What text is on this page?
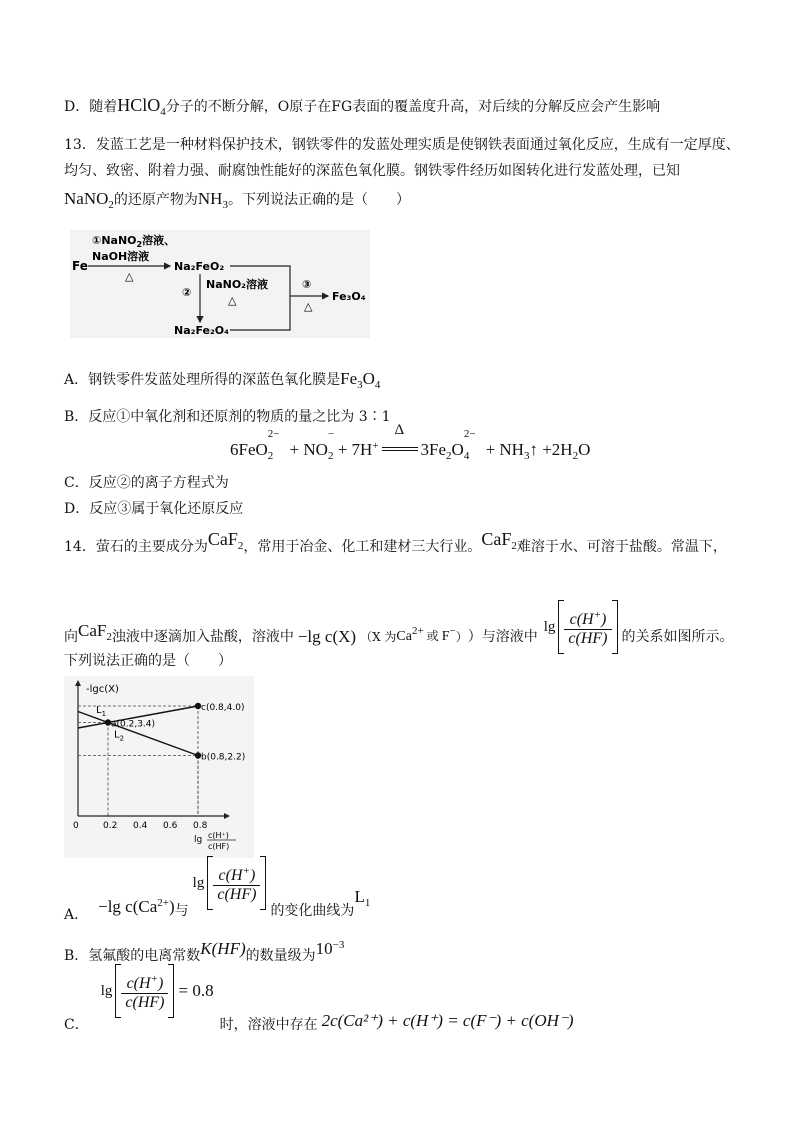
D．随着HClO$_4$分子的不断分解，O原子在FG表面的覆盖度升高，对后续的分解反应会产生影响
13．发蓝工艺是一种材料保护技术，钢铁零件的发蓝处理实质是使钢铁表面通过氧化反应，生成有一定厚度、
均匀、致密、附着力强、耐腐蚀性能好的深蓝色氧化膜。钢铁零件经历如图转化进行发蓝处理，已知
NaNO$_2$的还原产物为$NH_3$。下列说法正确的是（　　）
Fe
①NaNO$_2$溶液、
NaOH溶液
△
Na₂FeO₂
②
NaNO₂溶液
△
Na₂Fe₂O₄
③
△
Fe₃O₄
A．钢铁零件发蓝处理所得的深蓝色氧化膜是$Fe_3O_4$
B．反应①中氧化剂和还原剂的物质的量之比为 3∶1
6FeO
2−
$_2$ + NO
−
$_2$ + 7H+
Δ
$3Fe_2O$
2−
$_4 + NH_3↑ +2H_2O$
C．反应②的离子方程式为
D．反应③属于氧化还原反应
14．萤石的主要成分为CaF$_2$，常用于冶金、化工和建材三大行业。CaF$_2$难溶于水、可溶于盐酸。常温下，
向 CaF$_2$ 浊液中逐滴加入盐酸，溶液中 −lg c(X) （X 为 $Ca^{2+}$ 或 F− ） ）与溶液中
$\lg \frac{c(H^+)}{c(HF)}$ 的关系如图所示。
下列说法正确的是（　　）
-lgc(X)
0	0.2 0.4 0.6 0.8
lg c(H⁺)
c(HF)
$L_1$
$L_2$
a(0.2,3.4)
c(0.8,4.0)
b(0.8,2.2)
A． −lg $c(Ca^{2+})$ 与
$\lg \frac{c(H^+)}{c(HF)}$
的变化曲线为
$L_1$
B．氢氟酸的电离常数K(HF)的数量级为$10^{-3}$
C．
$\lg \frac{c(H^+)}{c(HF)} = 0.8$
时，溶液中存在 2c(Ca²⁺) + c(H⁺) = c(F⁻) + c(OH⁻)
